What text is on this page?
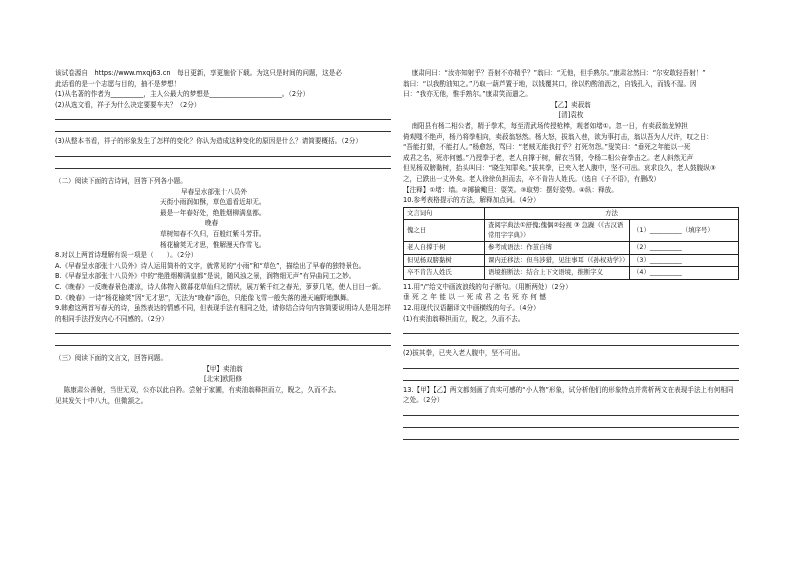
该试卷源自　https://www.mxqj63.cn　每日更新，享更施价下载。为这只是时间的问题，这是必

此话看的是一个志愿与目的，抽不是梦想！

(1)从名著的作者为__________，主人公最大的梦想是______________________。（2分）

(2)从选文看，祥子为什么决定要要车夫？（2分）

(3)从整本书看，祥子的形象发生了怎样的变化？你认为造成这种变化的原因是什么？请简要概括。（2分）

（二）阅读下面的古诗词，回答下列各小题。

早春呈水部张十八员外

天街小雨润如酥，草色遥看近却无。

最是一年春好处，绝胜烟柳满皇都。

晚春

草树知春不久归，百般红紫斗芳菲。

杨花榆荚无才思，惟解漫天作雪飞。

8.对以上两首诗理解有误一项是（　　）。（2分）

A.《早春呈水部张十八员外》诗人运用简朴的文字，就常见的“小雨”和“草色”，描绘出了早春的独特景色。

B.《早春呈水部张十八员外》中的“绝胜烟柳满皇都”是说，随风浊之景，润物细无声”有异曲同工之妙。

C.《晚春》一反晚春景色凄凉，诗人体物入微暮花草仙归之情状，展万紫千红之春光，萝萝几笔，使人目目一新。

D.《晚春》一诗“杨花榆荚”因“无才思”，无法为“晚春”添色，只能像飞雪一般失落的漫天遍野地飘舞。

9.韩愈这两首写春天的诗，虽然表达的情感不同，但表现手法有相同之处，请你结合诗句内容简要说明诗人是用怎样的相同手法抒发内心不同感的。（2分）

（三）阅读下面的文言文，回答问题。

【甲】卖油翁

[北宋]欧阳修

陈康肃公善射，当世无双，公亦以此自矜。尝射于家圃，有卖油翁释担而立，睨之，久而不去。

见其发矢十中八九，但微颔之。

康肃问曰：“汝亦知射乎？吾射不亦精乎？”翁曰：“无他，但手熟尔。”康肃忿然曰：“尔安敢轻吾射！”

翁曰：“以我酌油知之。”乃取一葫芦置于地，以钱覆其口，徐以杓酌油沥之，自钱孔入，而钱不湿。因

曰：“我亦无他，惟手熟尔。”康肃笑而遣之。

【乙】卖菽翁

[清]袁枚

南阳县有杨二相公者，精于拳术，每至清武场传授枪棒，观者如堵①。忽一日，有卖菽翁龙钟担

倚观嗤不绝声，杨乃将拳相向，卖菽翁怒然。杨大怒，拔翁入巷，欲为事打击，翁以吾为人尺许，叹之日：

“吾能打猎，不能打人。”杨愈怒，骂曰：“老贼无能我打乎？打死勿怨。”叟笑曰：“垂死之年能以一死

成君之名，死亦何憾。”乃授拳于老，老人自撑于树，解衣当肾，令杨二相公奋拳击之。老人斜然无声

但见杨双膀黏树，抬头叫曰：“晓生知罪矣。”拔其拳，已夹入老人腹中，坚不可出。哀求良久，老人鼓腹纵③

之，已跌出一丈外矣。老人徐徐负担而去，卒不肯告人姓氏。（选自《子不语》，有删改）

【注释】①堵：墙。②揶揄鲰旦：耍笑。③取势：摆好姿势。④纵：释放。

10.参考表格提示的方法，解释加点词。（4分）

文言词句	方法	
傀之日	查阅字典法①舒傀;傀偶②轻视 ③ 急躁（《古汉语常用字字典》）	（1）__________（填序号）
老人自撑于树	参考成语法：作茧自缚	（2）__________
但见杨双膀黏树	课内迁移法：但当涉猎，见往事耳（《孙权劝学》）	（3）__________
卒不肯告人姓氏	语境推断法：结合上下文语境，推断字义	（4）__________

11.用“/”给文中画波浪线的句子断句。（用断两处）（2分）

垂 死 之 年 能 以 一 死 成 君 之 名 死 亦 何 憾

12.用现代汉语翻译文中画横线的句子。（4分）

(1)有卖油翁释担而立，睨之，久而不去。

(2)拔其拳，已夹入老人腹中，坚不可出。

13.【甲】【乙】两文都刻画了真实可感的“小人物”形象，试分析他们的形象特点并赏析两文在表现手法上有何相同之处。（2分）
